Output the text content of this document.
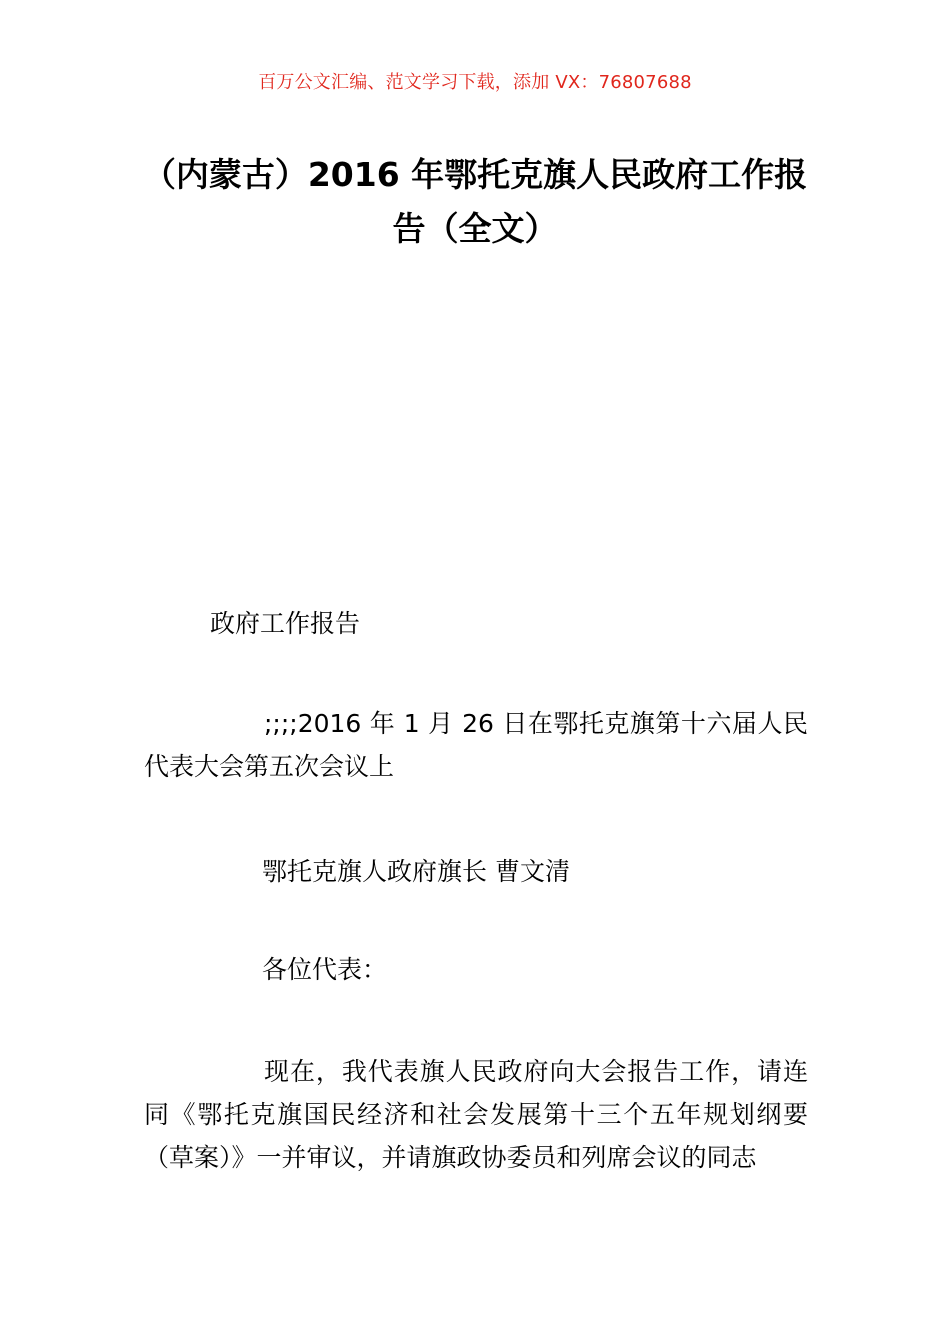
百万公文汇编、范文学习下载，添加 VX：76807688
（内蒙古）2016 年鄂托克旗人民政府工作报告（全文）
政府工作报告
;;;;2016 年 1 月 26 日在鄂托克旗第十六届人民代表大会第五次会议上
鄂托克旗人政府旗长 曹文清
各位代表：
现在，我代表旗人民政府向大会报告工作，请连同《鄂托克旗国民经济和社会发展第十三个五年规划纲要（草案）》一并审议，并请旗政协委员和列席会议的同志
